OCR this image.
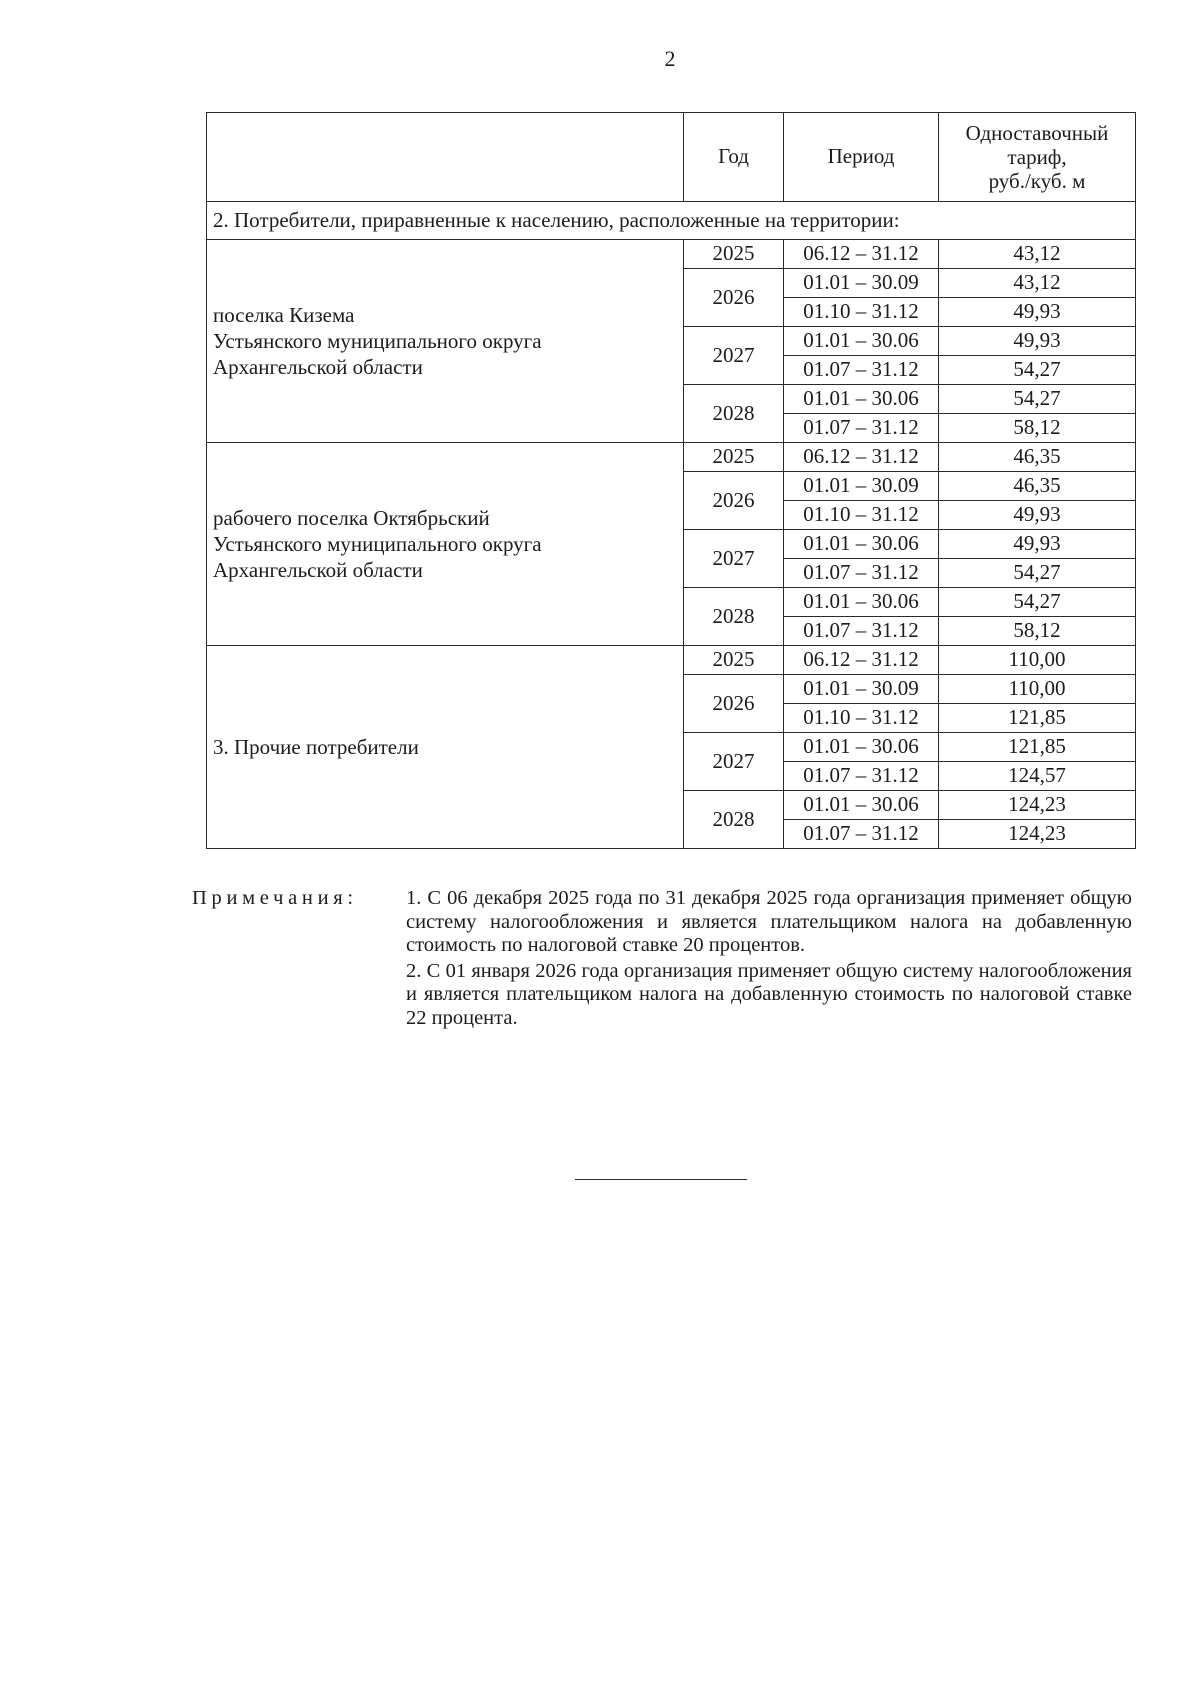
2
	Год	Период	Одноставочный
тариф,
руб./куб. м

2. Потребители, приравненные к населению, расположенные на территории:			

поселка Кизема
Устьянского муниципального округа
Архангельской области	2025	06.12 – 31.12	43,12
	2026	01.01 – 30.09	43,12
		01.10 – 31.12	49,93
	2027	01.01 – 30.06	49,93
		01.07 – 31.12	54,27
	2028	01.01 – 30.06	54,27
		01.07 – 31.12	58,12

рабочего поселка Октябрьский
Устьянского муниципального округа
Архангельской области	2025	06.12 – 31.12	46,35
	2026	01.01 – 30.09	46,35
		01.10 – 31.12	49,93
	2027	01.01 – 30.06	49,93
		01.07 – 31.12	54,27
	2028	01.01 – 30.06	54,27
		01.07 – 31.12	58,12

3. Прочие потребители	2025	06.12 – 31.12	110,00
	2026	01.01 – 30.09	110,00
		01.10 – 31.12	121,85
	2027	01.01 – 30.06	121,85
		01.07 – 31.12	124,57
	2028	01.01 – 30.06	124,23
		01.07 – 31.12	124,23
Примечания: 1. С 06 декабря 2025 года по 31 декабря 2025 года организация применяет общую систему налогообложения и является плательщиком налога на добавленную стоимость по налоговой ставке 20 процентов.
2. С 01 января 2026 года организация применяет общую систему налогообложения и является плательщиком налога на добавленную стоимость по налоговой ставке 22 процента.
